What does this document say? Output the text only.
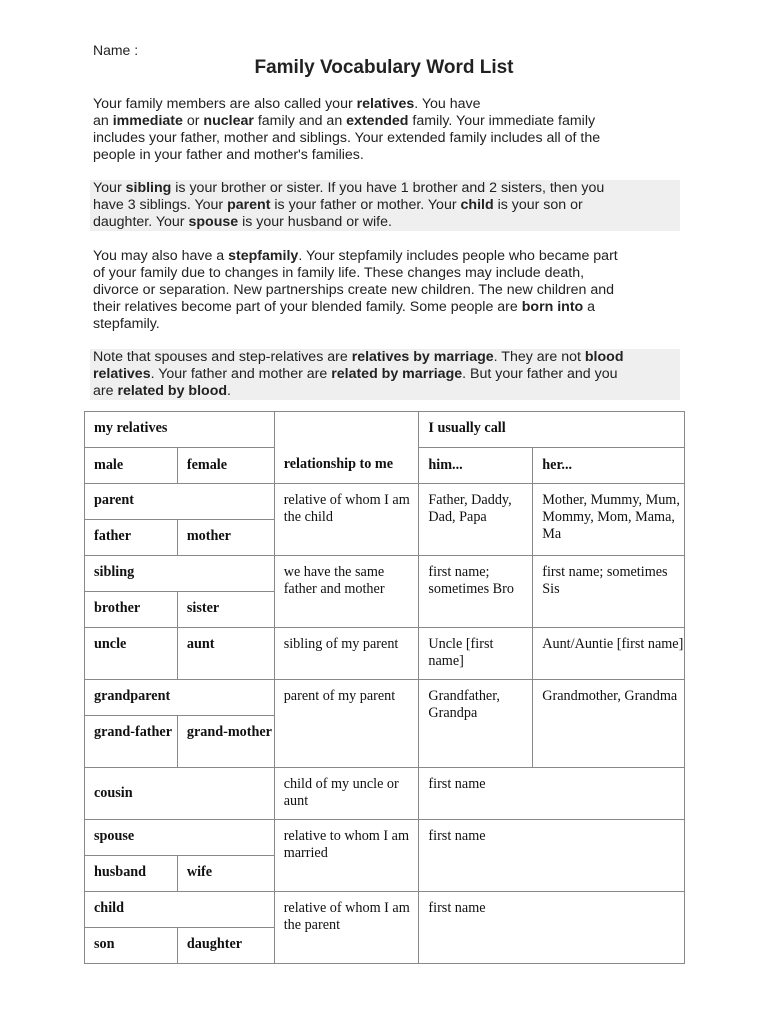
Name :
Family Vocabulary Word List
Your family members are also called your relatives. You have
an immediate or nuclear family and an extended family. Your immediate family
includes your father, mother and siblings. Your extended family includes all of the
people in your father and mother's families.
Your sibling is your brother or sister. If you have 1 brother and 2 sisters, then you
have 3 siblings. Your parent is your father or mother. Your child is your son or
daughter. Your spouse is your husband or wife.
You may also have a stepfamily. Your stepfamily includes people who became part
of your family due to changes in family life. These changes may include death,
divorce or separation. New partnerships create new children. The new children and
their relatives become part of your blended family. Some people are born into a
stepfamily.
Note that spouses and step-relatives are relatives by marriage. They are not blood
relatives. Your father and mother are related by marriage. But your father and you
are related by blood.
my relatives		relationship to me	I usually call	
male	female		him...	her...
parent		relative of whom I am the child	Father, Daddy, Dad, Papa	Mother, Mummy, Mum, Mommy, Mom, Mama, Ma
father	mother			
sibling		we have the same father and mother	first name; sometimes Bro	first name; sometimes Sis
brother	sister			
uncle	aunt	sibling of my parent	Uncle [first name]	Aunt/Auntie [first name]
grandparent		parent of my parent	Grandfather, Grandpa	Grandmother, Grandma
grand-father	grand-mother			
cousin		child of my uncle or aunt	first name	
spouse		relative to whom I am married	first name	
husband	wife			
child		relative of whom I am the parent	first name	
son	daughter			
